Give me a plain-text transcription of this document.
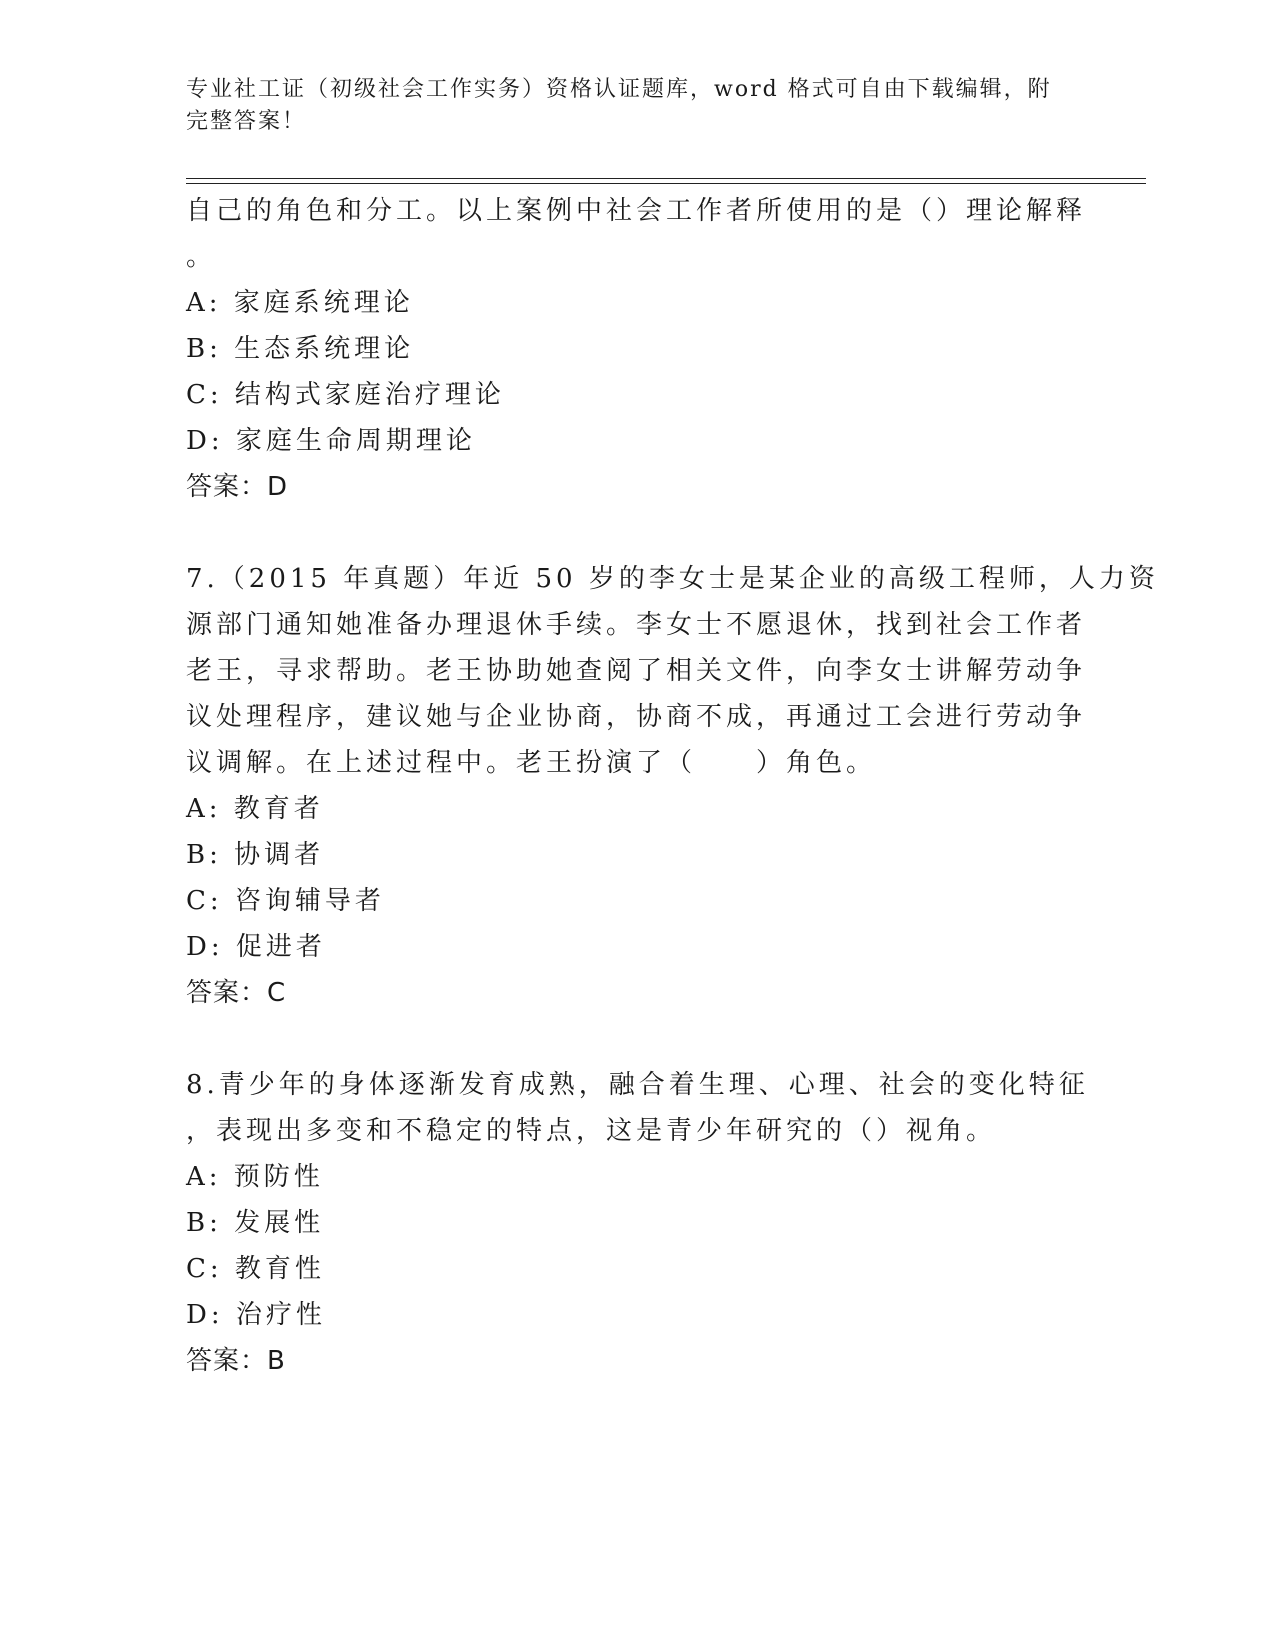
专业社工证（初级社会工作实务）资格认证题库，word 格式可自由下载编辑，附
完整答案！
自己的角色和分工。以上案例中社会工作者所使用的是（）理论解释
。
A: 家庭系统理论
B: 生态系统理论
C: 结构式家庭治疗理论
D: 家庭生命周期理论
答案：D
7.（2015 年真题）年近 50 岁的李女士是某企业的高级工程师，人力资
源部门通知她准备办理退休手续。李女士不愿退休，找到社会工作者
老王，寻求帮助。老王协助她查阅了相关文件，向李女士讲解劳动争
议处理程序，建议她与企业协商，协商不成，再通过工会进行劳动争
议调解。在上述过程中。老王扮演了（　　）角色。
A: 教育者
B: 协调者
C: 咨询辅导者
D: 促进者
答案：C
8.青少年的身体逐渐发育成熟，融合着生理、心理、社会的变化特征
，表现出多变和不稳定的特点，这是青少年研究的（）视角。
A: 预防性
B: 发展性
C: 教育性
D: 治疗性
答案：B
